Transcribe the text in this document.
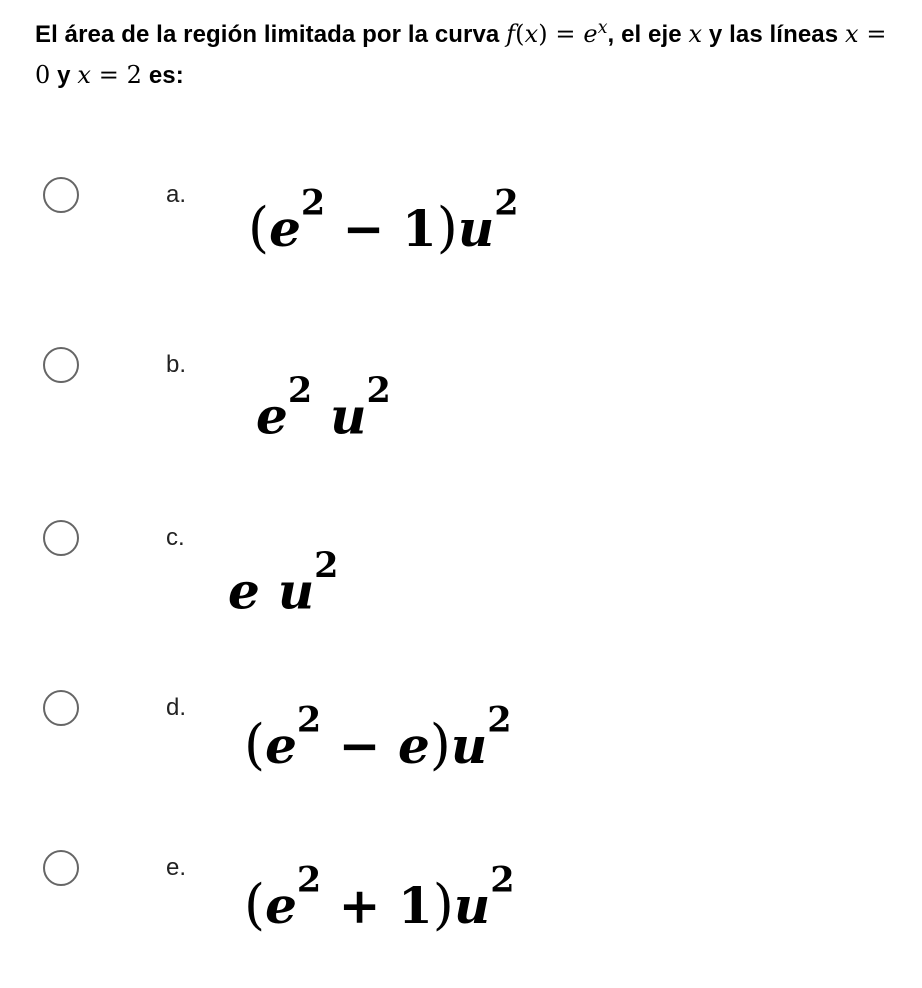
El área de la región limitada por la curva $f(x) = e^x$, el eje x y las líneas x = 0 y x = 2 es:
a.
$(e^2 - 1)u^2$
b.
$e^2$ $u^2$
c.
e $u^2$
d.
$(e^2 - e)u^2$
e.
$(e^2 + 1)u^2$
